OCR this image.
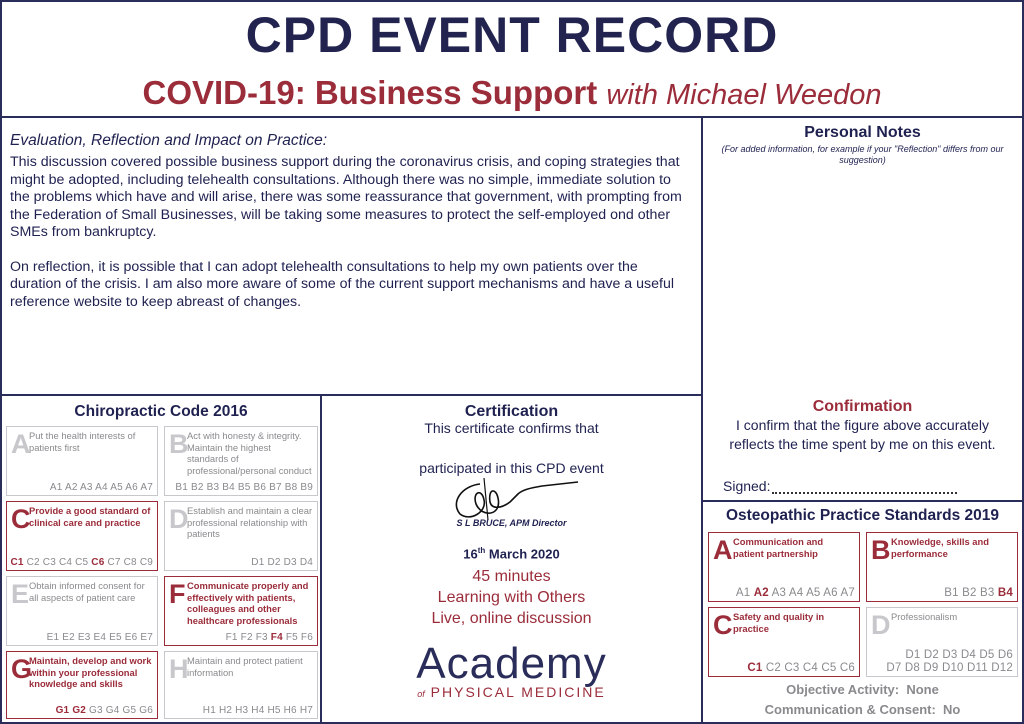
CPD EVENT RECORD
COVID-19: Business Support with Michael Weedon
Evaluation, Reflection and Impact on Practice:

This discussion covered possible business support during the coronavirus crisis, and coping strategies that might be adopted, including telehealth consultations. Although there was no simple, immediate solution to the problems which have and will arise, there was some reassurance that government, with prompting from the Federation of Small Businesses, will be taking some measures to protect the self-employed ond other SMEs from bankruptcy.

On reflection, it is possible that I can adopt telehealth consultations to help my own patients over the duration of the crisis. I am also more aware of some of the current support mechanisms and have a useful reference website to keep abreast of changes.

Personal Notes
(For added information, for example if your "Reflection" differs from our suggestion)
Confirmation
I confirm that the figure above accurately reflects the time spent by me on this event.
Signed:
Chiropractic Code 2016
A
Put the health interests of patients first
A1 A2 A3 A4 A5 A6 A7
B
Act with honesty & integrity. Maintain the highest standards of professional/personal conduct
B1 B2 B3 B4 B5 B6 B7 B8 B9
C
Provide a good standard of clinical care and practice
C1 C2 C3 C4 C5 C6 C7 C8 C9
D
Establish and maintain a clear professional relationship with patients
D1 D2 D3 D4
E Obtain informed consent for all aspects of patient care
E1 E2 E3 E4 E5 E6 E7
F Communicate properly and effectively with patients, colleagues and other healthcare professionals
F1 F2 F3 F4 F5 F6
G
Maintain, develop and work within your professional knowledge and skills
G1 G2 G3 G4 G5 G6
H
Maintain and protect patient information
H1 H2 H3 H4 H5 H6 H7
Certification
This certificate confirms that
participated in this CPD event
S L BRUCE, APM Director
16th March 2020
45 minutes
Learning with Others
Live, online discussion
Academy
of PHYSICAL MEDICINE
Osteopathic Practice Standards 2019
A Communication and patient partnership
A1 A2 A3 A4 A5 A6 A7
B Knowledge, skills and performance
B1 B2 B3 B4
C Safety and quality in practice
C1 C2 C3 C4 C5 C6
D Professionalism
D1 D2 D3 D4 D5 D6
D7 D8 D9 D10 D11 D12
Objective Activity: None
Communication & Consent: No
